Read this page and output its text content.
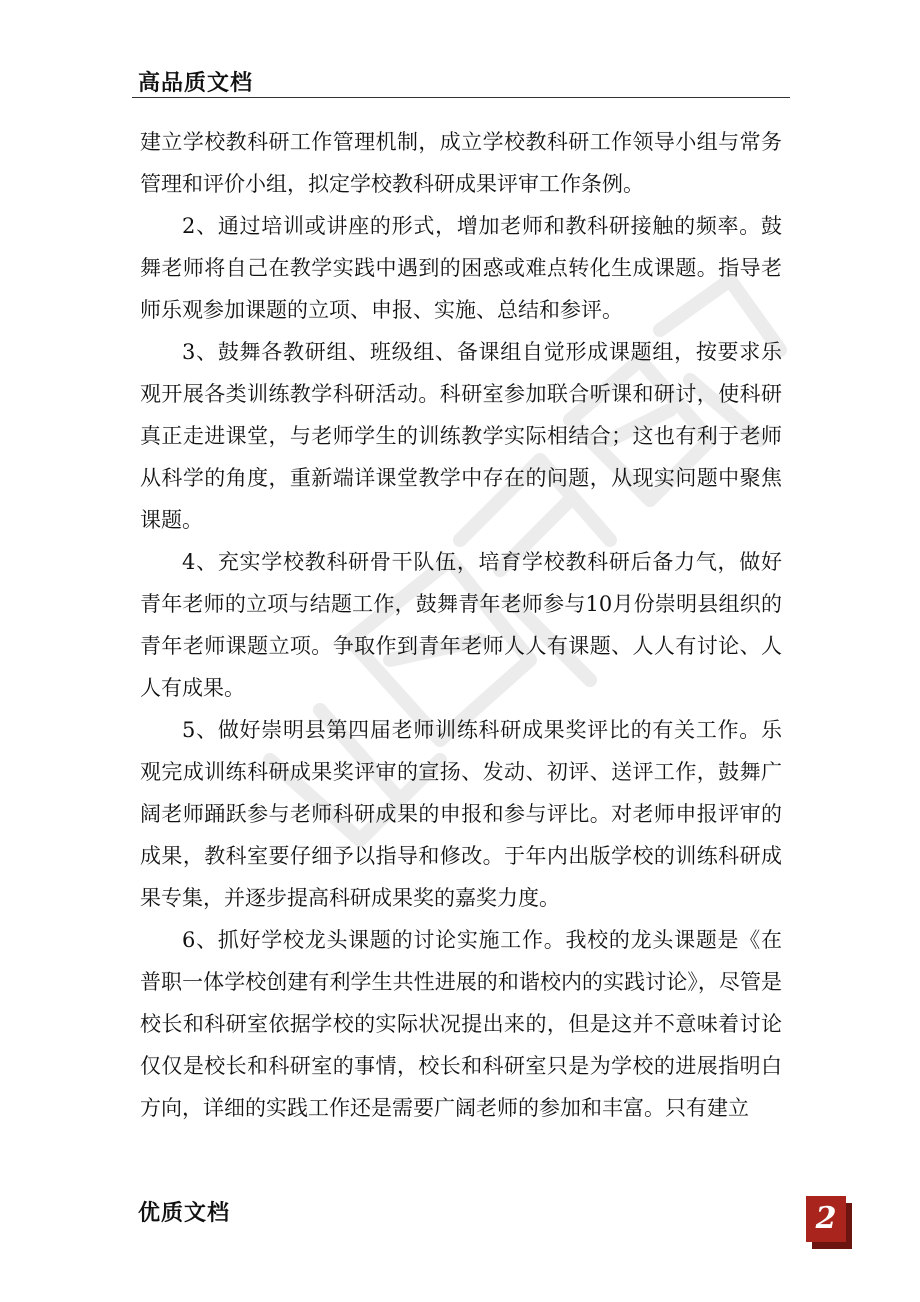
高品质文档

建立学校教科研工作管理机制，成立学校教科研工作领导小组与常务管理和评价小组，拟定学校教科研成果评审工作条例。

2、通过培训或讲座的形式，增加老师和教科研接触的频率。鼓舞老师将自己在教学实践中遇到的困惑或难点转化生成课题。指导老师乐观参加课题的立项、申报、实施、总结和参评。

3、鼓舞各教研组、班级组、备课组自觉形成课题组，按要求乐观开展各类训练教学科研活动。科研室参加联合听课和研讨，使科研真正走进课堂，与老师学生的训练教学实际相结合；这也有利于老师从科学的角度，重新端详课堂教学中存在的问题，从现实问题中聚焦课题。

4、充实学校教科研骨干队伍，培育学校教科研后备力气，做好青年老师的立项与结题工作，鼓舞青年老师参与10月份崇明县组织的青年老师课题立项。争取作到青年老师人人有课题、人人有讨论、人人有成果。

5、做好崇明县第四届老师训练科研成果奖评比的有关工作。乐观完成训练科研成果奖评审的宣扬、发动、初评、送评工作，鼓舞广阔老师踊跃参与老师科研成果的申报和参与评比。对老师申报评审的成果，教科室要仔细予以指导和修改。于年内出版学校的训练科研成果专集，并逐步提高科研成果奖的嘉奖力度。

6、抓好学校龙头课题的讨论实施工作。我校的龙头课题是《在普职一体学校创建有利学生共性进展的和谐校内的实践讨论》，尽管是校长和科研室依据学校的实际状况提出来的，但是这并不意味着讨论仅仅是校长和科研室的事情，校长和科研室只是为学校的进展指明白方向，详细的实践工作还是需要广阔老师的参加和丰富。只有建立

优质文档	2
